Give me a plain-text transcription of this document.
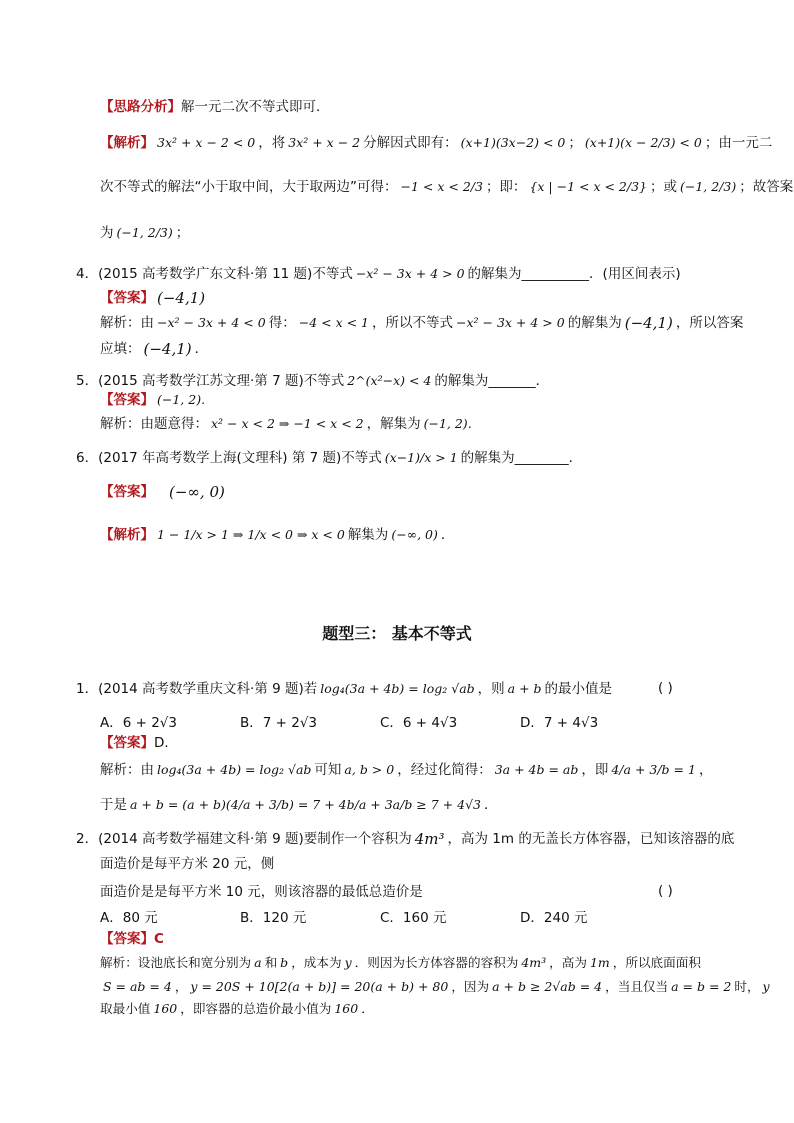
【思路分析】 解一元二次不等式即可．
【解析】 3x² + x − 2 < 0 ，将 3x² + x − 2 分解因式即有： (x+1)(3x−2) < 0 ； (x+1)(x − 2/3) < 0 ；由一元二
次不等式的解法“小于取中间，大于取两边”可得： −1 < x < 2/3 ；即： {x | −1 < x < 2/3} ；或 (−1, 2/3) ；故答案
为 (−1, 2/3) ；
4．(2015 高考数学广东文科·第 11 题)不等式 −x² − 3x + 4 > 0 的解集为__________．(用区间表示)
【答案】 (−4,1)
解析：由 −x² − 3x + 4 < 0 得： −4 < x < 1 ，所以不等式 −x² − 3x + 4 > 0 的解集为 (−4,1) ，所以答案
应填： (−4,1) ．
5．(2015 高考数学江苏文理·第 7 题)不等式 2^(x²−x) < 4 的解集为_______．
【答案】 (−1, 2).
解析：由题意得： x² − x < 2 ⇒ −1 < x < 2 ，解集为 (−1, 2).
6．(2017 年高考数学上海(文理科) 第 7 题)不等式 (x−1)/x > 1 的解集为________．
【答案】 (−∞, 0)
【解析】 1 − 1/x > 1 ⇒ 1/x < 0 ⇒ x < 0 解集为 (−∞, 0) ．
题型三： 基本不等式
1．(2014 高考数学重庆文科·第 9 题)若 log₄(3a + 4b) = log₂ √ab ，则 a + b 的最小值是	( )
A．6 + 2√3	B．7 + 2√3	C．6 + 4√3	D．7 + 4√3
【答案】 D．
解析：由 log₄(3a + 4b) = log₂ √ab 可知 a, b > 0 ，经过化简得： 3a + 4b = ab ，即 4/a + 3/b = 1 ，
于是 a + b = (a + b)(4/a + 3/b) = 7 + 4b/a + 3a/b ≥ 7 + 4√3 ．
2．(2014 高考数学福建文科·第 9 题)要制作一个容积为 4m³ ，高为 1m 的无盖长方体容器，已知该溶器的底
面造价是每平方米 20 元，侧
面造价是是每平方米 10 元，则该溶器的最低总造价是	( )
A．80 元	B．120 元	C．160 元	D．240 元
【答案】 C
解析：设池底长和宽分别为 a 和 b ，成本为 y ．则因为长方体容器的容积为 4m³ ，高为 1m ，所以底面面积
S = ab = 4 ， y = 20S + 10[2(a + b)] = 20(a + b) + 80 ，因为 a + b ≥ 2√ab = 4 ，当且仅当 a = b = 2 时， y
取最小值 160 ，即容器的总造价最小值为 160 ．
